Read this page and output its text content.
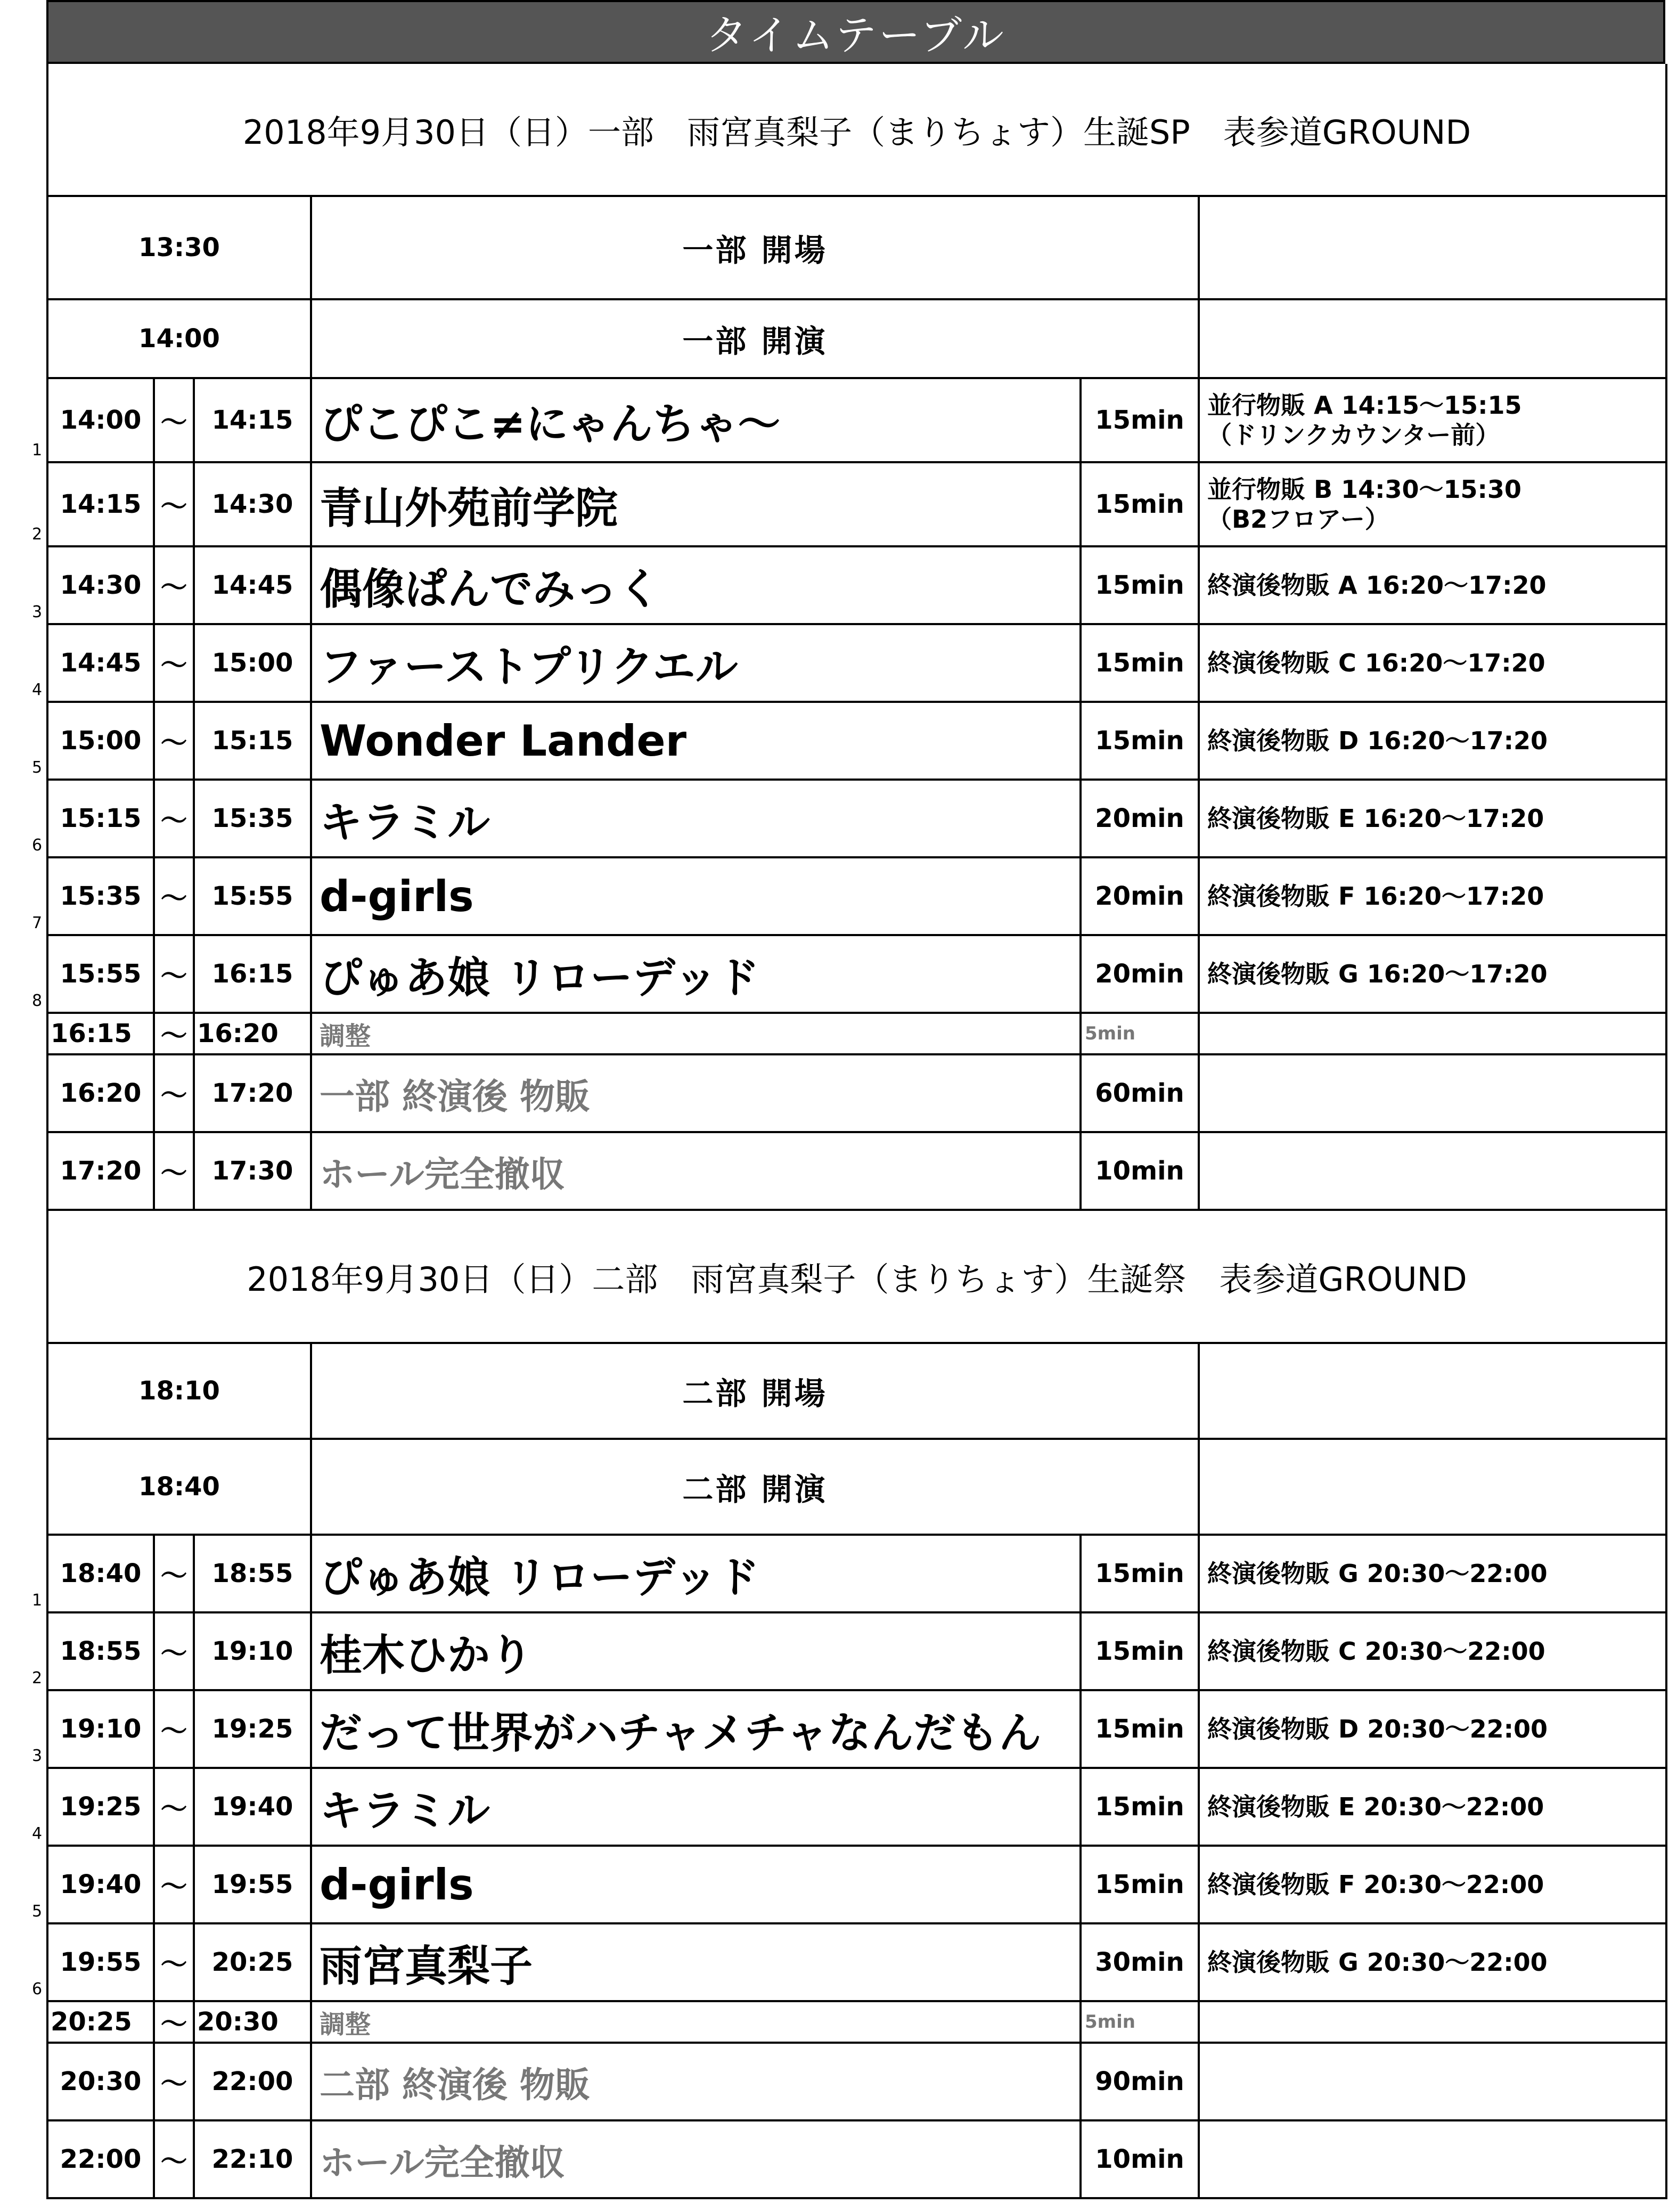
1
2
3
4
5
6
7
8
1
2
3
4
5
6
タイムテーブル
2018年9月30日（日）一部　雨宮真梨子（まりちょす）生誕SP　表参道GROUND					
13:30			一部 開場		
14:00			一部 開演		
14:00	〜	14:15	ぴこぴこ≠にゃんちゃ〜	15min	並行物販 A 14:15〜15:15
（ドリンクカウンター前）

14:15	〜	14:30	青山外苑前学院	15min	並行物販 B 14:30〜15:30
（B2フロアー）

14:30	〜	14:45	偶像ぱんでみっく	15min	終演後物販 A 16:20〜17:20

14:45	〜	15:00	ファーストプリクエル	15min	終演後物販 C 16:20〜17:20

15:00	〜	15:15	Wonder Lander	15min	終演後物販 D 16:20〜17:20

15:15	〜	15:35	キラミル	20min	終演後物販 E 16:20〜17:20

15:35	〜	15:55	d-girls	20min	終演後物販 F 16:20〜17:20

15:55	〜	16:15	ぴゅあ娘 リローデッド	20min	終演後物販 G 16:20〜17:20

16:15	〜	16:20	調整	5min	
16:20	〜	17:20	一部 終演後 物販	60min	
17:20	〜	17:30	ホール完全撤収	10min	
2018年9月30日（日）二部　雨宮真梨子（まりちょす）生誕祭　表参道GROUND					
18:10			二部 開場		
18:40			二部 開演		
18:40	〜	18:55	ぴゅあ娘 リローデッド	15min	終演後物販 G 20:30〜22:00

18:55	〜	19:10	桂木ひかり	15min	終演後物販 C 20:30〜22:00

19:10	〜	19:25	だって世界がハチャメチャなんだもん	15min	終演後物販 D 20:30〜22:00

19:25	〜	19:40	キラミル	15min	終演後物販 E 20:30〜22:00

19:40	〜	19:55	d-girls	15min	終演後物販 F 20:30〜22:00

19:55	〜	20:25	雨宮真梨子	30min	終演後物販 G 20:30〜22:00

20:25	〜	20:30	調整	5min	
20:30	〜	22:00	二部 終演後 物販	90min	
22:00	〜	22:10	ホール完全撤収	10min	
